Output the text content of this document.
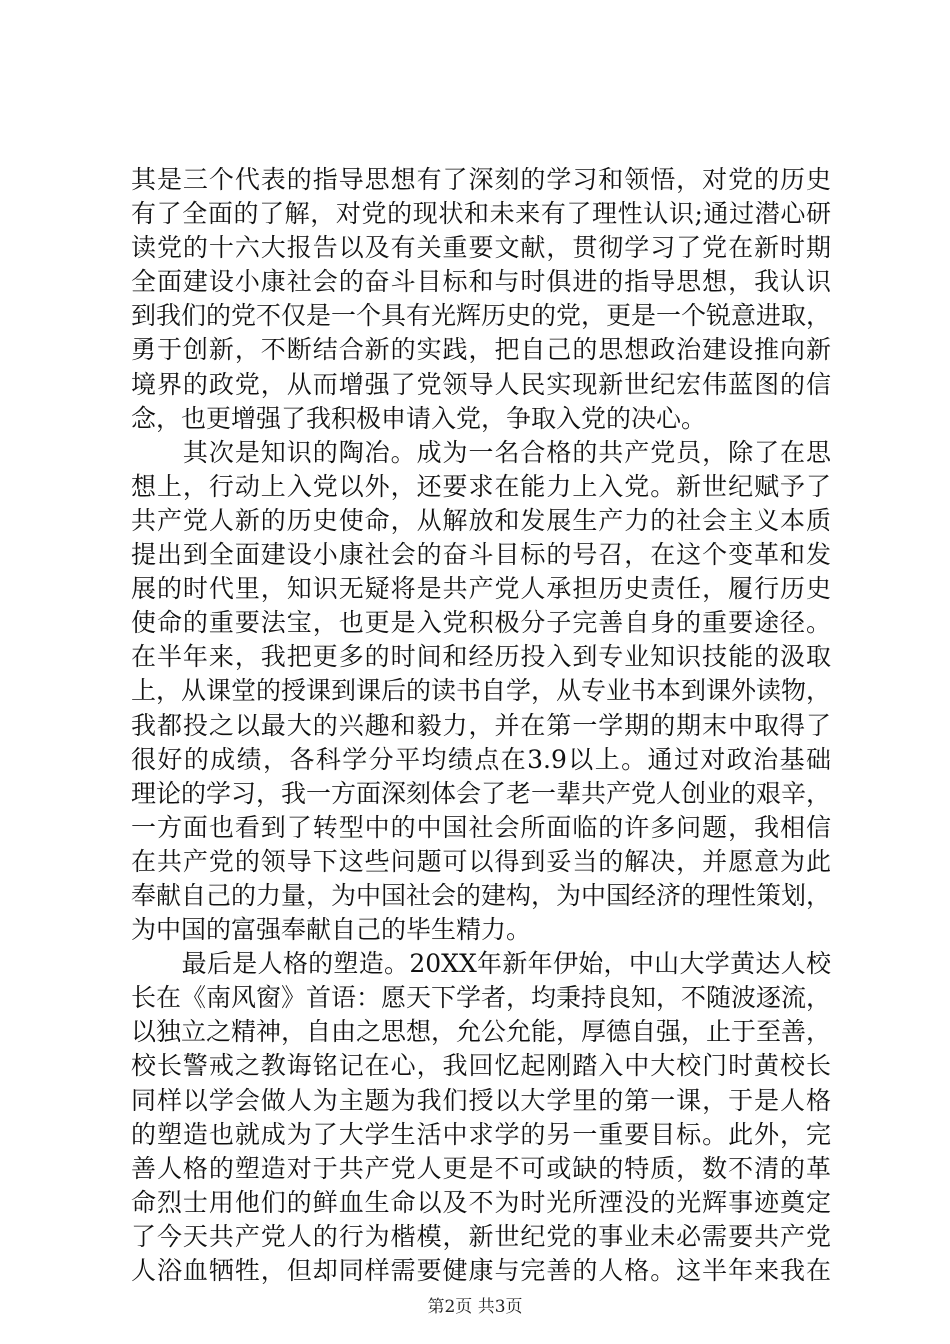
其是三个代表的指导思想有了深刻的学习和领悟，对党的历史
有了全面的了解，对党的现状和未来有了理性认识;通过潜心研
读党的十六大报告以及有关重要文献，贯彻学习了党在新时期
全面建设小康社会的奋斗目标和与时俱进的指导思想，我认识
到我们的党不仅是一个具有光辉历史的党，更是一个锐意进取，
勇于创新，不断结合新的实践，把自己的思想政治建设推向新
境界的政党，从而增强了党领导人民实现新世纪宏伟蓝图的信
念，也更增强了我积极申请入党，争取入党的决心。
　　其次是知识的陶冶。成为一名合格的共产党员，除了在思
想上，行动上入党以外，还要求在能力上入党。新世纪赋予了
共产党人新的历史使命，从解放和发展生产力的社会主义本质
提出到全面建设小康社会的奋斗目标的号召，在这个变革和发
展的时代里，知识无疑将是共产党人承担历史责任，履行历史
使命的重要法宝，也更是入党积极分子完善自身的重要途径。
在半年来，我把更多的时间和经历投入到专业知识技能的汲取
上，从课堂的授课到课后的读书自学，从专业书本到课外读物，
我都投之以最大的兴趣和毅力，并在第一学期的期末中取得了
很好的成绩，各科学分平均绩点在3.9以上。通过对政治基础
理论的学习，我一方面深刻体会了老一辈共产党人创业的艰辛，
一方面也看到了转型中的中国社会所面临的许多问题，我相信
在共产党的领导下这些问题可以得到妥当的解决，并愿意为此
奉献自己的力量，为中国社会的建构，为中国经济的理性策划，
为中国的富强奉献自己的毕生精力。
　　最后是人格的塑造。20XX年新年伊始，中山大学黄达人校
长在《南风窗》首语：愿天下学者，均秉持良知，不随波逐流，
以独立之精神，自由之思想，允公允能，厚德自强，止于至善，
校长警戒之教诲铭记在心，我回忆起刚踏入中大校门时黄校长
同样以学会做人为主题为我们授以大学里的第一课，于是人格
的塑造也就成为了大学生活中求学的另一重要目标。此外，完
善人格的塑造对于共产党人更是不可或缺的特质，数不清的革
命烈士用他们的鲜血生命以及不为时光所湮没的光辉事迹奠定
了今天共产党人的行为楷模，新世纪党的事业未必需要共产党
人浴血牺牲，但却同样需要健康与完善的人格。这半年来我在
第2页 共3页
